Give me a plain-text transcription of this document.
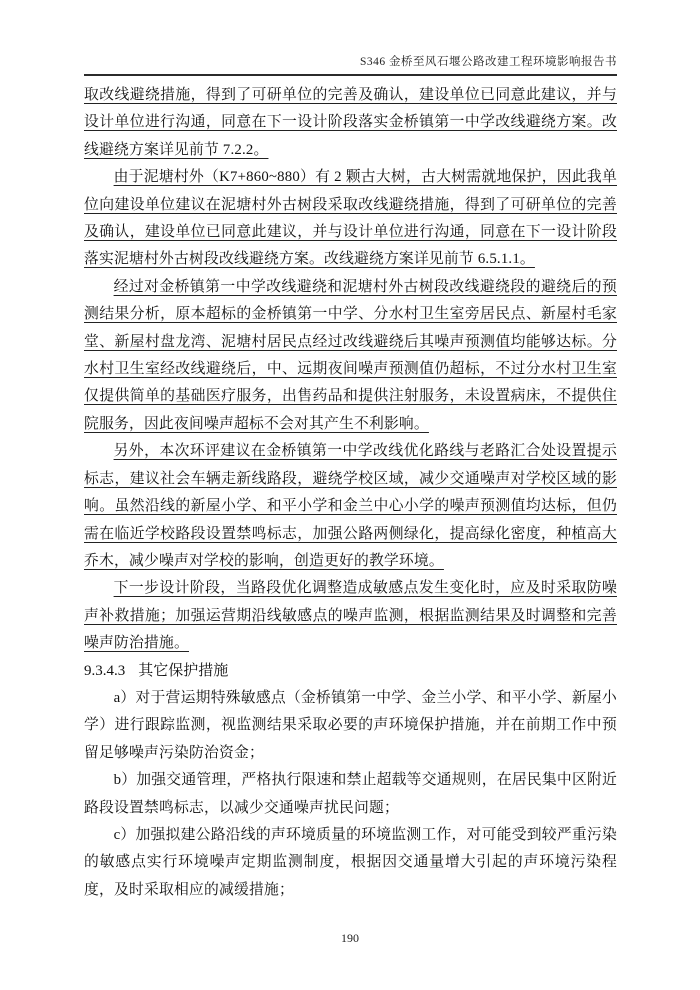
S346 金桥至风石堰公路改建工程环境影响报告书

取改线避绕措施，得到了可研单位的完善及确认，建设单位已同意此建议，并与设计单位进行沟通，同意在下一设计阶段落实金桥镇第一中学改线避绕方案。改线避绕方案详见前节 7.2.2。

由于泥塘村外（K7+860~880）有 2 颗古大树，古大树需就地保护，因此我单位向建设单位建议在泥塘村外古树段采取改线避绕措施，得到了可研单位的完善及确认，建设单位已同意此建议，并与设计单位进行沟通，同意在下一设计阶段落实泥塘村外古树段改线避绕方案。改线避绕方案详见前节 6.5.1.1。

经过对金桥镇第一中学改线避绕和泥塘村外古树段改线避绕段的避绕后的预测结果分析，原本超标的金桥镇第一中学、分水村卫生室旁居民点、新屋村毛家堂、新屋村盘龙湾、泥塘村居民点经过改线避绕后其噪声预测值均能够达标。分水村卫生室经改线避绕后，中、远期夜间噪声预测值仍超标，不过分水村卫生室仅提供简单的基础医疗服务，出售药品和提供注射服务，未设置病床，不提供住院服务，因此夜间噪声超标不会对其产生不利影响。

另外，本次环评建议在金桥镇第一中学改线优化路线与老路汇合处设置提示标志，建议社会车辆走新线路段，避绕学校区域，减少交通噪声对学校区域的影响。虽然沿线的新屋小学、和平小学和金兰中心小学的噪声预测值均达标，但仍需在临近学校路段设置禁鸣标志，加强公路两侧绿化，提高绿化密度，种植高大乔木，减少噪声对学校的影响，创造更好的教学环境。

下一步设计阶段，当路段优化调整造成敏感点发生变化时，应及时采取防噪声补救措施；加强运营期沿线敏感点的噪声监测，根据监测结果及时调整和完善噪声防治措施。

9.3.4.3 其它保护措施

a）对于营运期特殊敏感点（金桥镇第一中学、金兰小学、和平小学、新屋小学）进行跟踪监测，视监测结果采取必要的声环境保护措施，并在前期工作中预留足够噪声污染防治资金；

b）加强交通管理，严格执行限速和禁止超载等交通规则，在居民集中区附近路段设置禁鸣标志，以减少交通噪声扰民问题；

c）加强拟建公路沿线的声环境质量的环境监测工作，对可能受到较严重污染的敏感点实行环境噪声定期监测制度，根据因交通量增大引起的声环境污染程度，及时采取相应的减缓措施；

190
